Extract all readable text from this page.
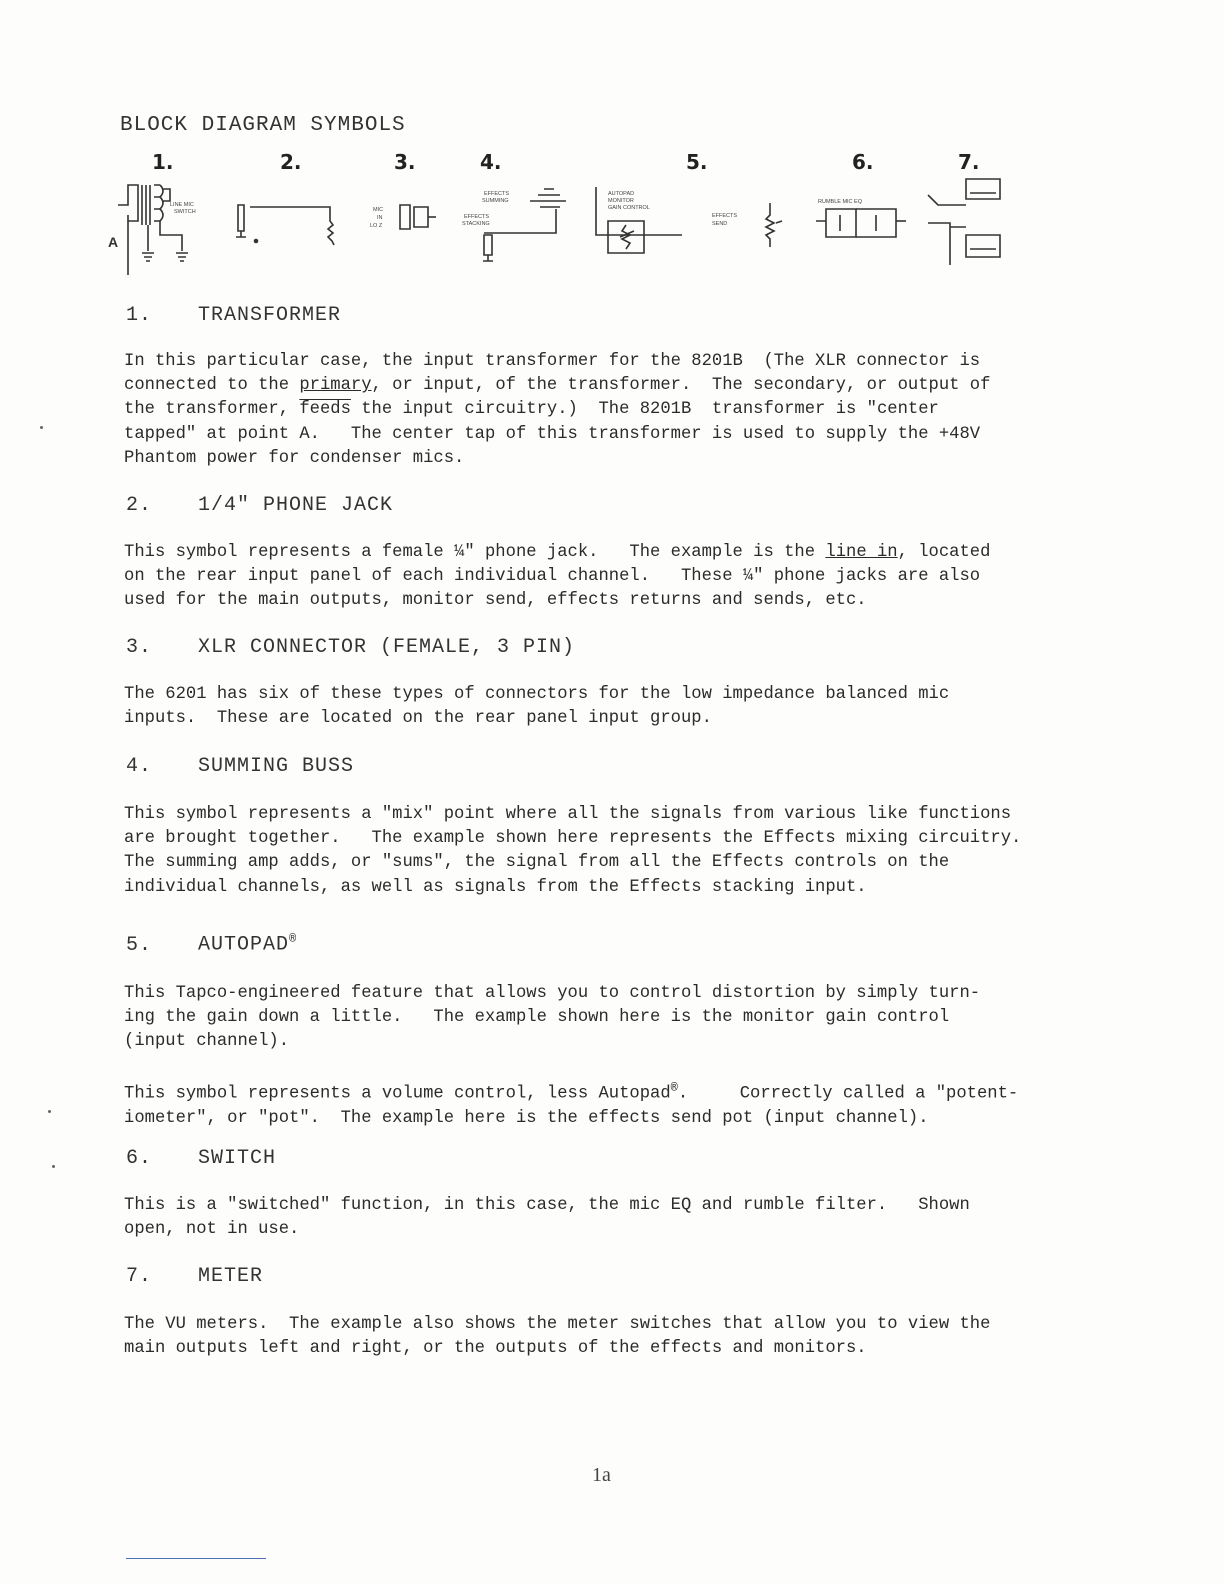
BLOCK DIAGRAM SYMBOLS
1.	2.	3.	4.	5.	6.	7.
A
LINE MIC
SWITCH	MIC
IN
LO Z
EFFECTS
SUMMING
EFFECTS
STACKING
AUTOPAD
MONITOR
GAIN CONTROL
EFFECTS
SEND
RUMBLE MIC EQ
1. TRANSFORMER
In this particular case, the input transformer for the 8201B  (The XLR connector is
connected to the primary, or input, of the transformer.  The secondary, or output of
the transformer, feeds the input circuitry.)  The 8201B  transformer is "center
tapped" at point A.   The center tap of this transformer is used to supply the +48V
Phantom power for condenser mics.
2. 1/4" PHONE JACK
This symbol represents a female ¼" phone jack.   The example is the line in, located
on the rear input panel of each individual channel.   These ¼" phone jacks are also
used for the main outputs, monitor send, effects returns and sends, etc.
3. XLR CONNECTOR (FEMALE, 3 PIN)
The 6201 has six of these types of connectors for the low impedance balanced mic
inputs.  These are located on the rear panel input group.
4. SUMMING BUSS
This symbol represents a "mix" point where all the signals from various like functions
are brought together.   The example shown here represents the Effects mixing circuitry.
The summing amp adds, or "sums", the signal from all the Effects controls on the
individual channels, as well as signals from the Effects stacking input.
5. AUTOPAD®
This Tapco-engineered feature that allows you to control distortion by simply turn-
ing the gain down a little.   The example shown here is the monitor gain control
(input channel).
This symbol represents a volume control, less Autopad®.     Correctly called a "potent-
iometer", or "pot".  The example here is the effects send pot (input channel).
6. SWITCH
This is a "switched" function, in this case, the mic EQ and rumble filter.   Shown
open, not in use.
7. METER
The VU meters.  The example also shows the meter switches that allow you to view the
main outputs left and right, or the outputs of the effects and monitors.
1a
